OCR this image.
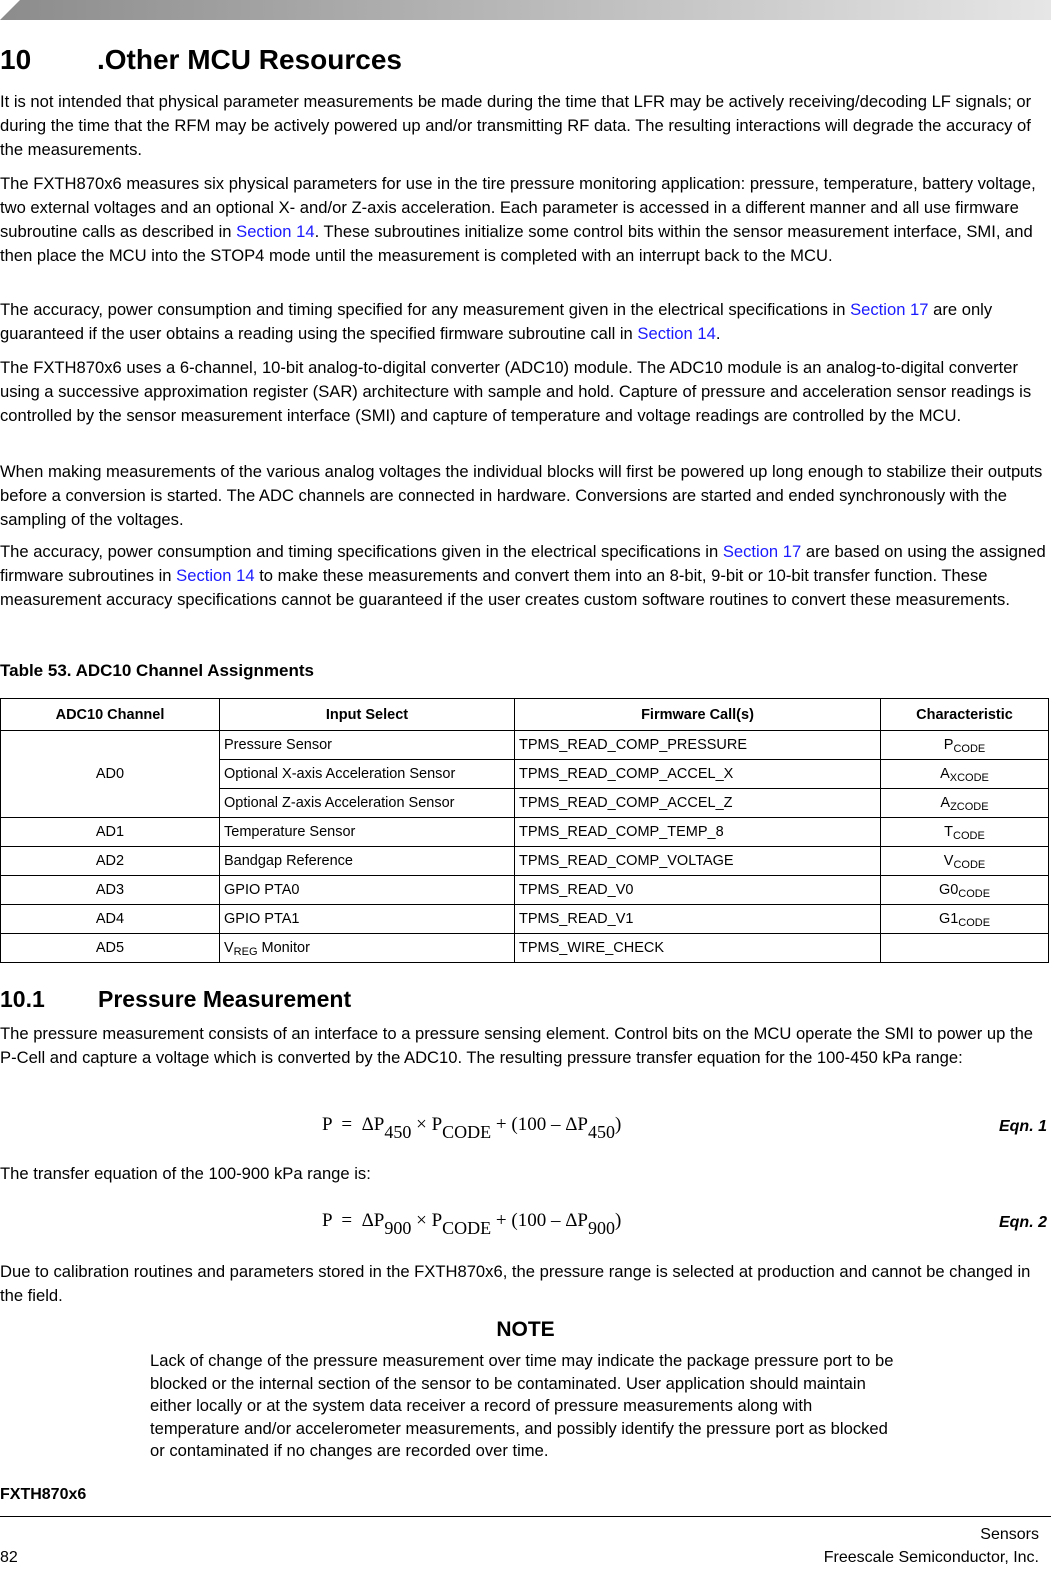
10 .Other MCU Resources
It is not intended that physical parameter measurements be made during the time that LFR may be actively receiving/decoding LF signals; or during the time that the RFM may be actively powered up and/or transmitting RF data. The resulting interactions will degrade the accuracy of the measurements.
The FXTH870x6 measures six physical parameters for use in the tire pressure monitoring application: pressure, temperature, battery voltage, two external voltages and an optional X- and/or Z-axis acceleration. Each parameter is accessed in a different manner and all use firmware subroutine calls as described in Section 14. These subroutines initialize some control bits within the sensor measurement interface, SMI, and then place the MCU into the STOP4 mode until the measurement is completed with an interrupt back to the MCU.
The accuracy, power consumption and timing specified for any measurement given in the electrical specifications in Section 17 are only guaranteed if the user obtains a reading using the specified firmware subroutine call in Section 14.
The FXTH870x6 uses a 6-channel, 10-bit analog-to-digital converter (ADC10) module. The ADC10 module is an analog-to-digital converter using a successive approximation register (SAR) architecture with sample and hold. Capture of pressure and acceleration sensor readings is controlled by the sensor measurement interface (SMI) and capture of temperature and voltage readings are controlled by the MCU.
When making measurements of the various analog voltages the individual blocks will first be powered up long enough to stabilize their outputs before a conversion is started. The ADC channels are connected in hardware. Conversions are started and ended synchronously with the sampling of the voltages.
The accuracy, power consumption and timing specifications given in the electrical specifications in Section 17 are based on using the assigned firmware subroutines in Section 14 to make these measurements and convert them into an 8-bit, 9-bit or 10-bit transfer function. These measurement accuracy specifications cannot be guaranteed if the user creates custom software routines to convert these measurements.
Table 53. ADC10 Channel Assignments
ADC10 Channel	Input Select	Firmware Call(s)	Characteristic
AD0	Pressure Sensor	TPMS_READ_COMP_PRESSURE	$P_{CODE}$
	Optional X-axis Acceleration Sensor	TPMS_READ_COMP_ACCEL_X	$A_{XCODE}$
	Optional Z-axis Acceleration Sensor	TPMS_READ_COMP_ACCEL_Z	$A_{ZCODE}$
AD1	Temperature Sensor	TPMS_READ_COMP_TEMP_8	$T_{CODE}$
AD2	Bandgap Reference	TPMS_READ_COMP_VOLTAGE	$V_{CODE}$
AD3	GPIO PTA0	TPMS_READ_V0	$G0_{CODE}$
AD4	GPIO PTA1	TPMS_READ_V1	$G1_{CODE}$
AD5	$V_{REG}$ Monitor	TPMS_WIRE_CHECK	
10.1 Pressure Measurement
The pressure measurement consists of an interface to a pressure sensing element. Control bits on the MCU operate the SMI to power up the P-Cell and capture a voltage which is converted by the ADC10. The resulting pressure transfer equation for the 100-450 kPa range:
$P = \Delta P_{450} \times P_{CODE} + (100 - \Delta P_{450})$	Eqn. 1
The transfer equation of the 100-900 kPa range is:
$P = \Delta P_{900} \times P_{CODE} + (100 - \Delta P_{900})$	Eqn. 2
Due to calibration routines and parameters stored in the FXTH870x6, the pressure range is selected at production and cannot be changed in the field.
NOTE
Lack of change of the pressure measurement over time may indicate the package pressure port to be blocked or the internal section of the sensor to be contaminated. User application should maintain either locally or at the system data receiver a record of pressure measurements along with temperature and/or accelerometer measurements, and possibly identify the pressure port as blocked or contaminated if no changes are recorded over time.
FXTH870x6
Sensors
82	Freescale Semiconductor, Inc.
